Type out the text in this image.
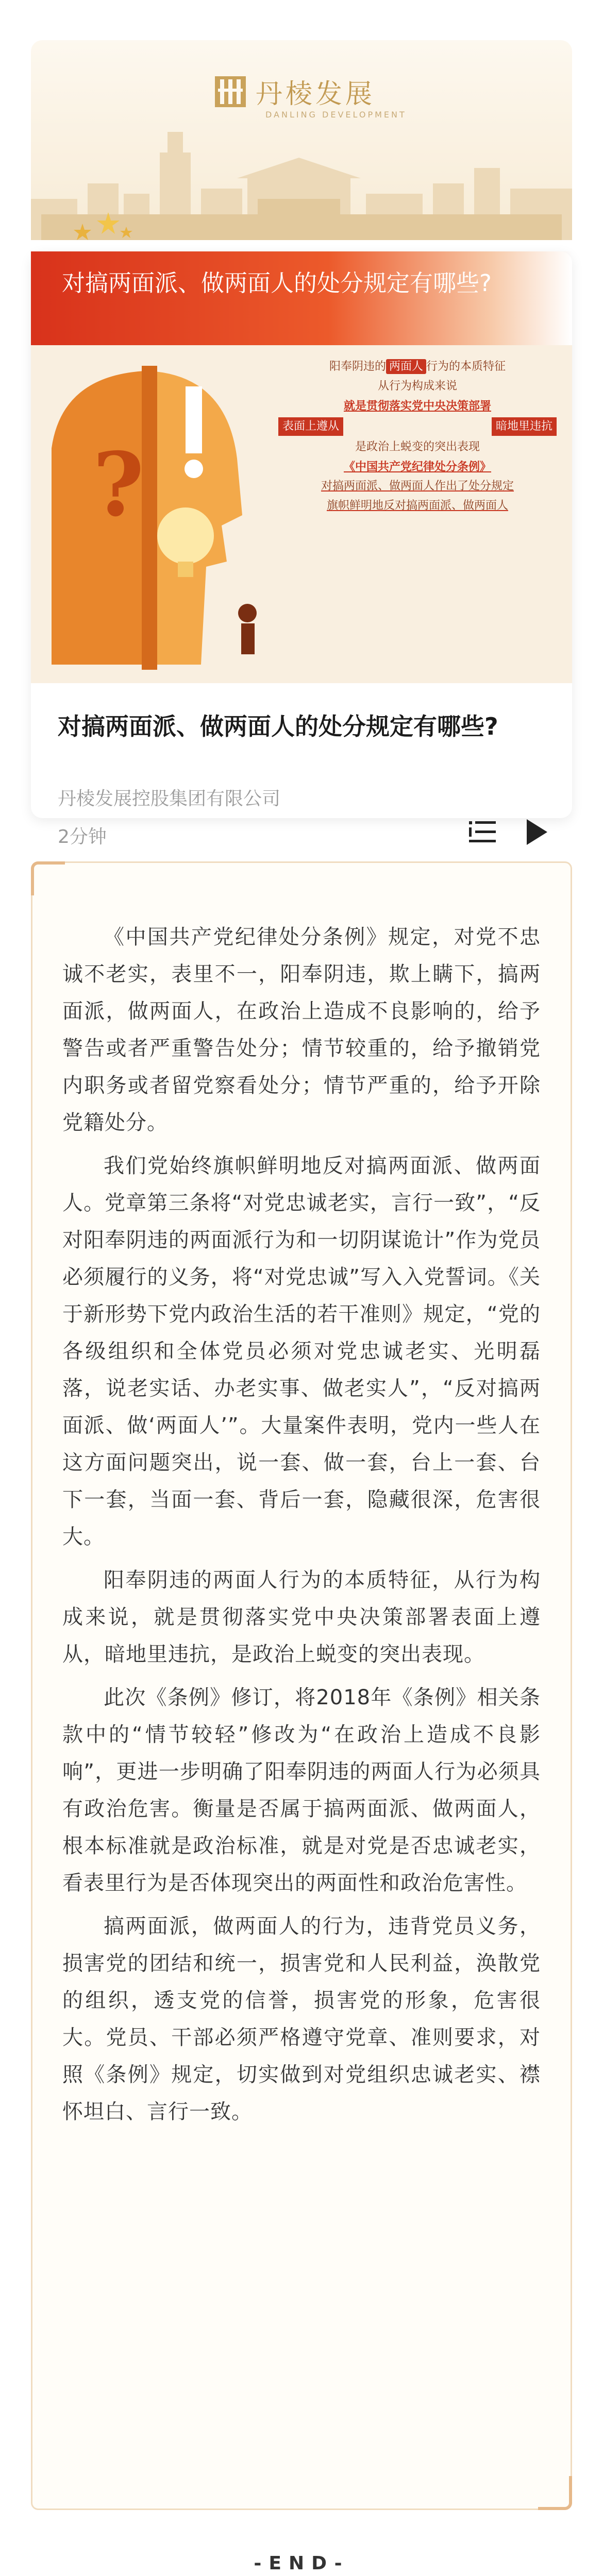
丹棱发展
DANLING DEVELOPMENT
对搞两面派、做两面人的处分规定有哪些?
?
阳奉阴违的 两面人 行为的本质特征
从行为构成来说
就是贯彻落实党中央决策部署
表面上遵从	暗地里违抗
是政治上蜕变的突出表现
《中国共产党纪律处分条例》
对搞两面派、做两面人作出了处分规定
旗帜鲜明地反对搞两面派、做两面人
对搞两面派、做两面人的处分规定有哪些?
丹棱发展控股集团有限公司
2分钟

《中国共产党纪律处分条例》规定，对党不忠诚不老实，表里不一，阳奉阴违，欺上瞒下，搞两面派，做两面人，在政治上造成不良影响的，给予警告或者严重警告处分；情节较重的，给予撤销党内职务或者留党察看处分；情节严重的，给予开除党籍处分。

我们党始终旗帜鲜明地反对搞两面派、做两面人。党章第三条将“对党忠诚老实，言行一致”，“反对阳奉阴违的两面派行为和一切阴谋诡计”作为党员必须履行的义务，将“对党忠诚”写入入党誓词。《关于新形势下党内政治生活的若干准则》规定，“党的各级组织和全体党员必须对党忠诚老实、光明磊落，说老实话、办老实事、做老实人”，“反对搞两面派、做‘两面人’”。大量案件表明，党内一些人在这方面问题突出，说一套、做一套，台上一套、台下一套，当面一套、背后一套，隐藏很深，危害很大。

阳奉阴违的两面人行为的本质特征，从行为构成来说，就是贯彻落实党中央决策部署表面上遵从，暗地里违抗，是政治上蜕变的突出表现。

此次《条例》修订，将2018年《条例》相关条款中的“情节较轻”修改为“在政治上造成不良影响”，更进一步明确了阳奉阴违的两面人行为必须具有政治危害。衡量是否属于搞两面派、做两面人，根本标准就是政治标准，就是对党是否忠诚老实，看表里行为是否体现突出的两面性和政治危害性。

搞两面派，做两面人的行为，违背党员义务，损害党的团结和统一，损害党和人民利益，涣散党的组织，透支党的信誉，损害党的形象，危害很大。党员、干部必须严格遵守党章、准则要求，对照《条例》规定，切实做到对党组织忠诚老实、襟怀坦白、言行一致。

-END-
